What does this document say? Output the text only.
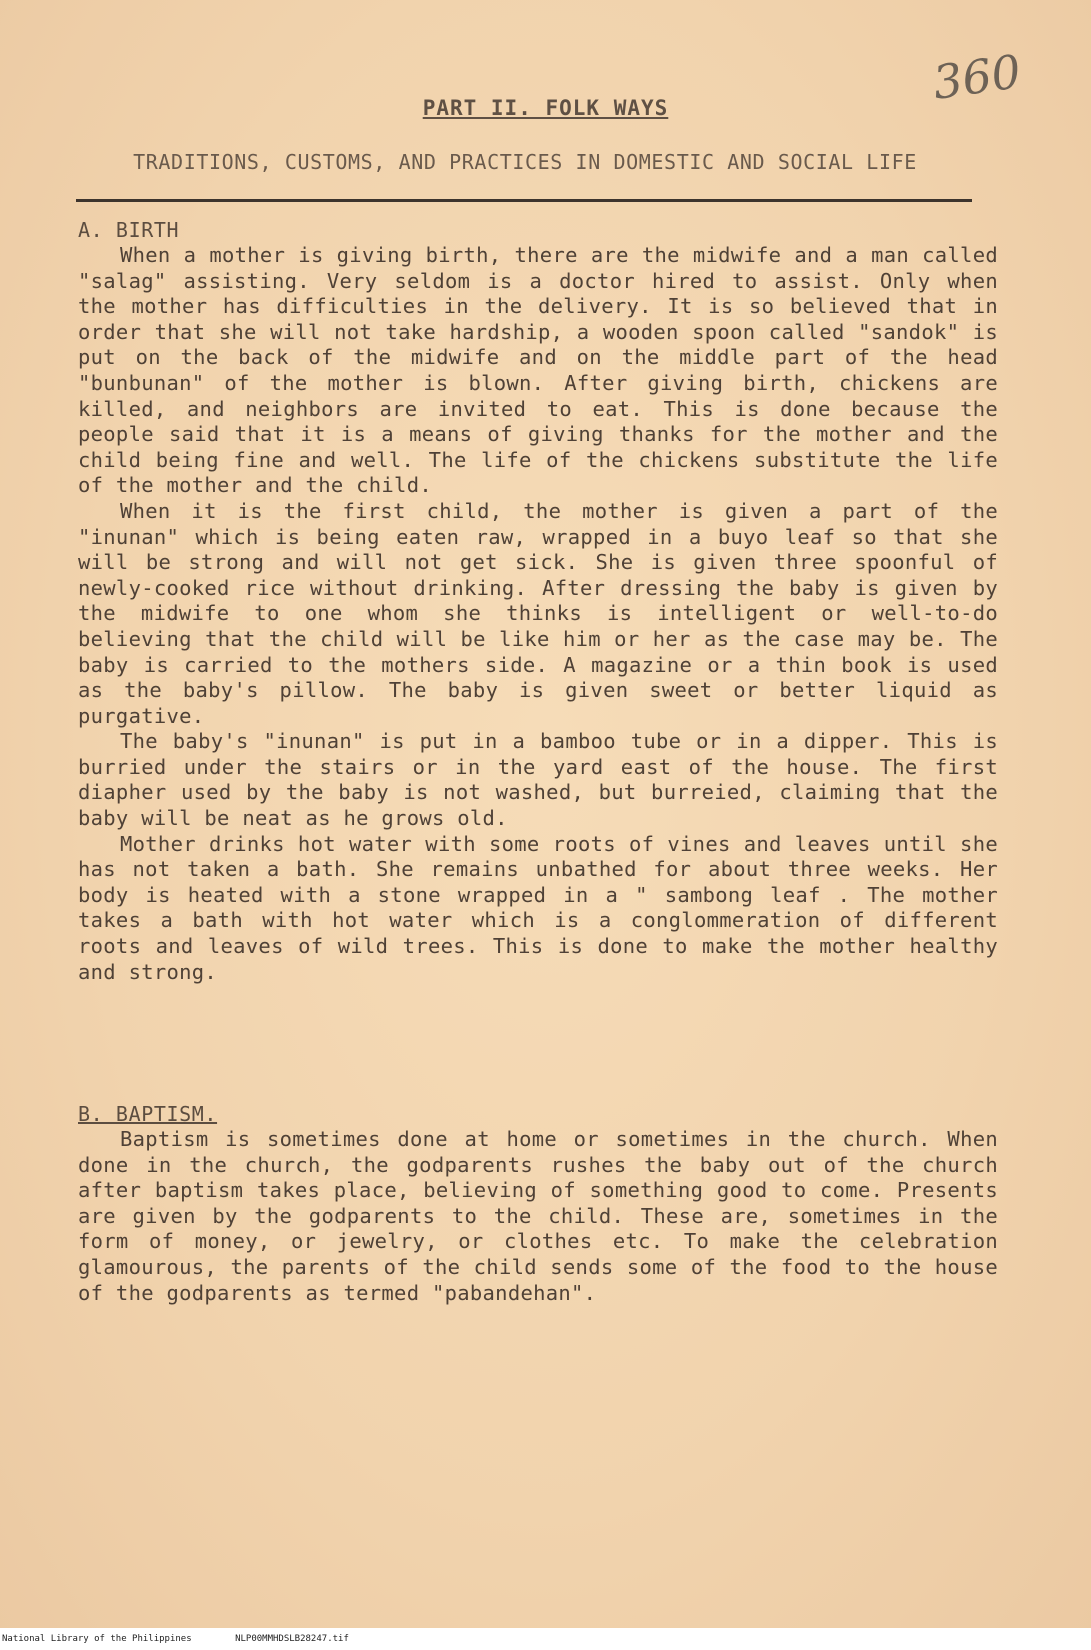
360
PART II. FOLK WAYS
TRADITIONS, CUSTOMS, AND PRACTICES IN DOMESTIC AND SOCIAL LIFE
A. BIRTH

When a mother is giving birth, there are the midwife and a man called "salag" assisting. Very seldom is a doctor hired to assist. Only when the mother has difficulties in the delivery. It is so believed that in order that she will not take hardship, a wooden spoon called "sandok" is put on the back of the midwife and on the middle part of the head "bunbunan" of the mother is blown. After giving birth, chickens are killed, and neighbors are invited to eat. This is done because the people said that it is a means of giving thanks for the mother and the child being fine and well. The life of the chickens substitute the life of the mother and the child.

When it is the first child, the mother is given a part of the "inunan" which is being eaten raw, wrapped in a buyo leaf so that she will be strong and will not get sick. She is given three spoonful of newly-cooked rice without drinking. After dressing the baby is given by the midwife to one whom she thinks is intelligent or well-to-do believing that the child will be like him or her as the case may be. The baby is carried to the mothers side. A magazine or a thin book is used as the baby's pillow. The baby is given sweet or better liquid as purgative.

The baby's "inunan" is put in a bamboo tube or in a dipper. This is burried under the stairs or in the yard east of the house. The first diapher used by the baby is not washed, but burreied, claiming that the baby will be neat as he grows old.

Mother drinks hot water with some roots of vines and leaves until she has not taken a bath. She remains unbathed for about three weeks. Her body is heated with a stone wrapped in a " sambong leaf . The mother takes a bath with hot water which is a conglommeration of different roots and leaves of wild trees. This is done to make the mother healthy and strong.

B. BAPTISM.

Baptism is sometimes done at home or sometimes in the church. When done in the church, the godparents rushes the baby out of the church after baptism takes place, believing of something good to come. Presents are given by the godparents to the child. These are, sometimes in the form of money, or jewelry, or clothes etc. To make the celebration glamourous, the parents of the child sends some of the food to the house of the godparents as termed "pabandehan".

National Library of the Philippines	NLP00MMHDSLB28247.tif
